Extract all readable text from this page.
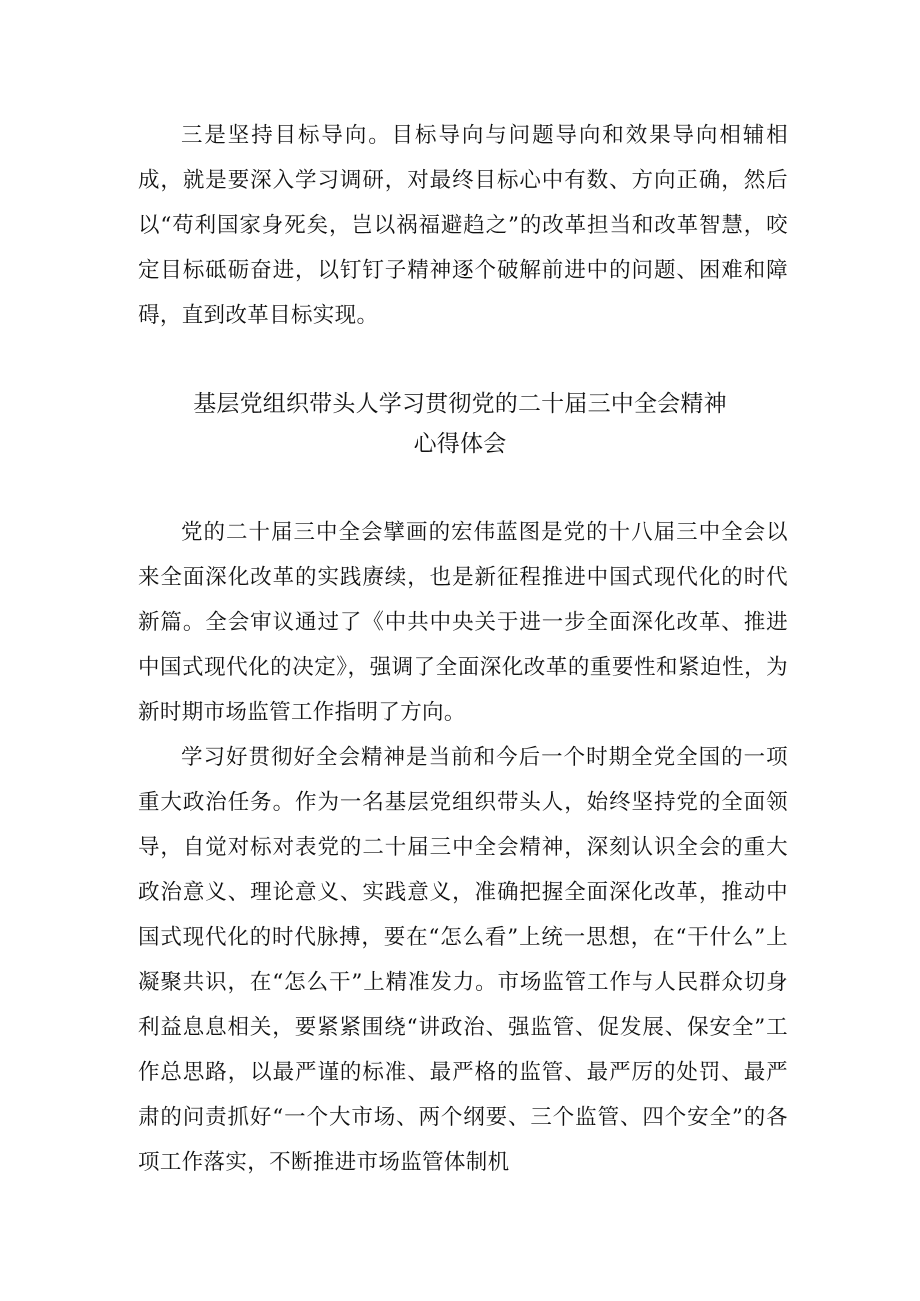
三是坚持目标导向。目标导向与问题导向和效果导向相辅相成，就是要深入学习调研，对最终目标心中有数、方向正确，然后以“苟利国家身死矣，岂以祸福避趋之”的改革担当和改革智慧，咬定目标砥砺奋进，以钉钉子精神逐个破解前进中的问题、困难和障碍，直到改革目标实现。

基层党组织带头人学习贯彻党的二十届三中全会精神
心得体会

党的二十届三中全会擘画的宏伟蓝图是党的十八届三中全会以来全面深化改革的实践赓续，也是新征程推进中国式现代化的时代新篇。全会审议通过了《中共中央关于进一步全面深化改革、推进中国式现代化的决定》，强调了全面深化改革的重要性和紧迫性，为新时期市场监管工作指明了方向。

学习好贯彻好全会精神是当前和今后一个时期全党全国的一项重大政治任务。作为一名基层党组织带头人，始终坚持党的全面领导，自觉对标对表党的二十届三中全会精神，深刻认识全会的重大政治意义、理论意义、实践意义，准确把握全面深化改革，推动中国式现代化的时代脉搏，要在“怎么看”上统一思想，在“干什么”上凝聚共识，在“怎么干”上精准发力。市场监管工作与人民群众切身利益息息相关，要紧紧围绕“讲政治、强监管、促发展、保安全”工作总思路，以最严谨的标准、最严格的监管、最严厉的处罚、最严肃的问责抓好“一个大市场、两个纲要、三个监管、四个安全”的各项工作落实，不断推进市场监管体制机
